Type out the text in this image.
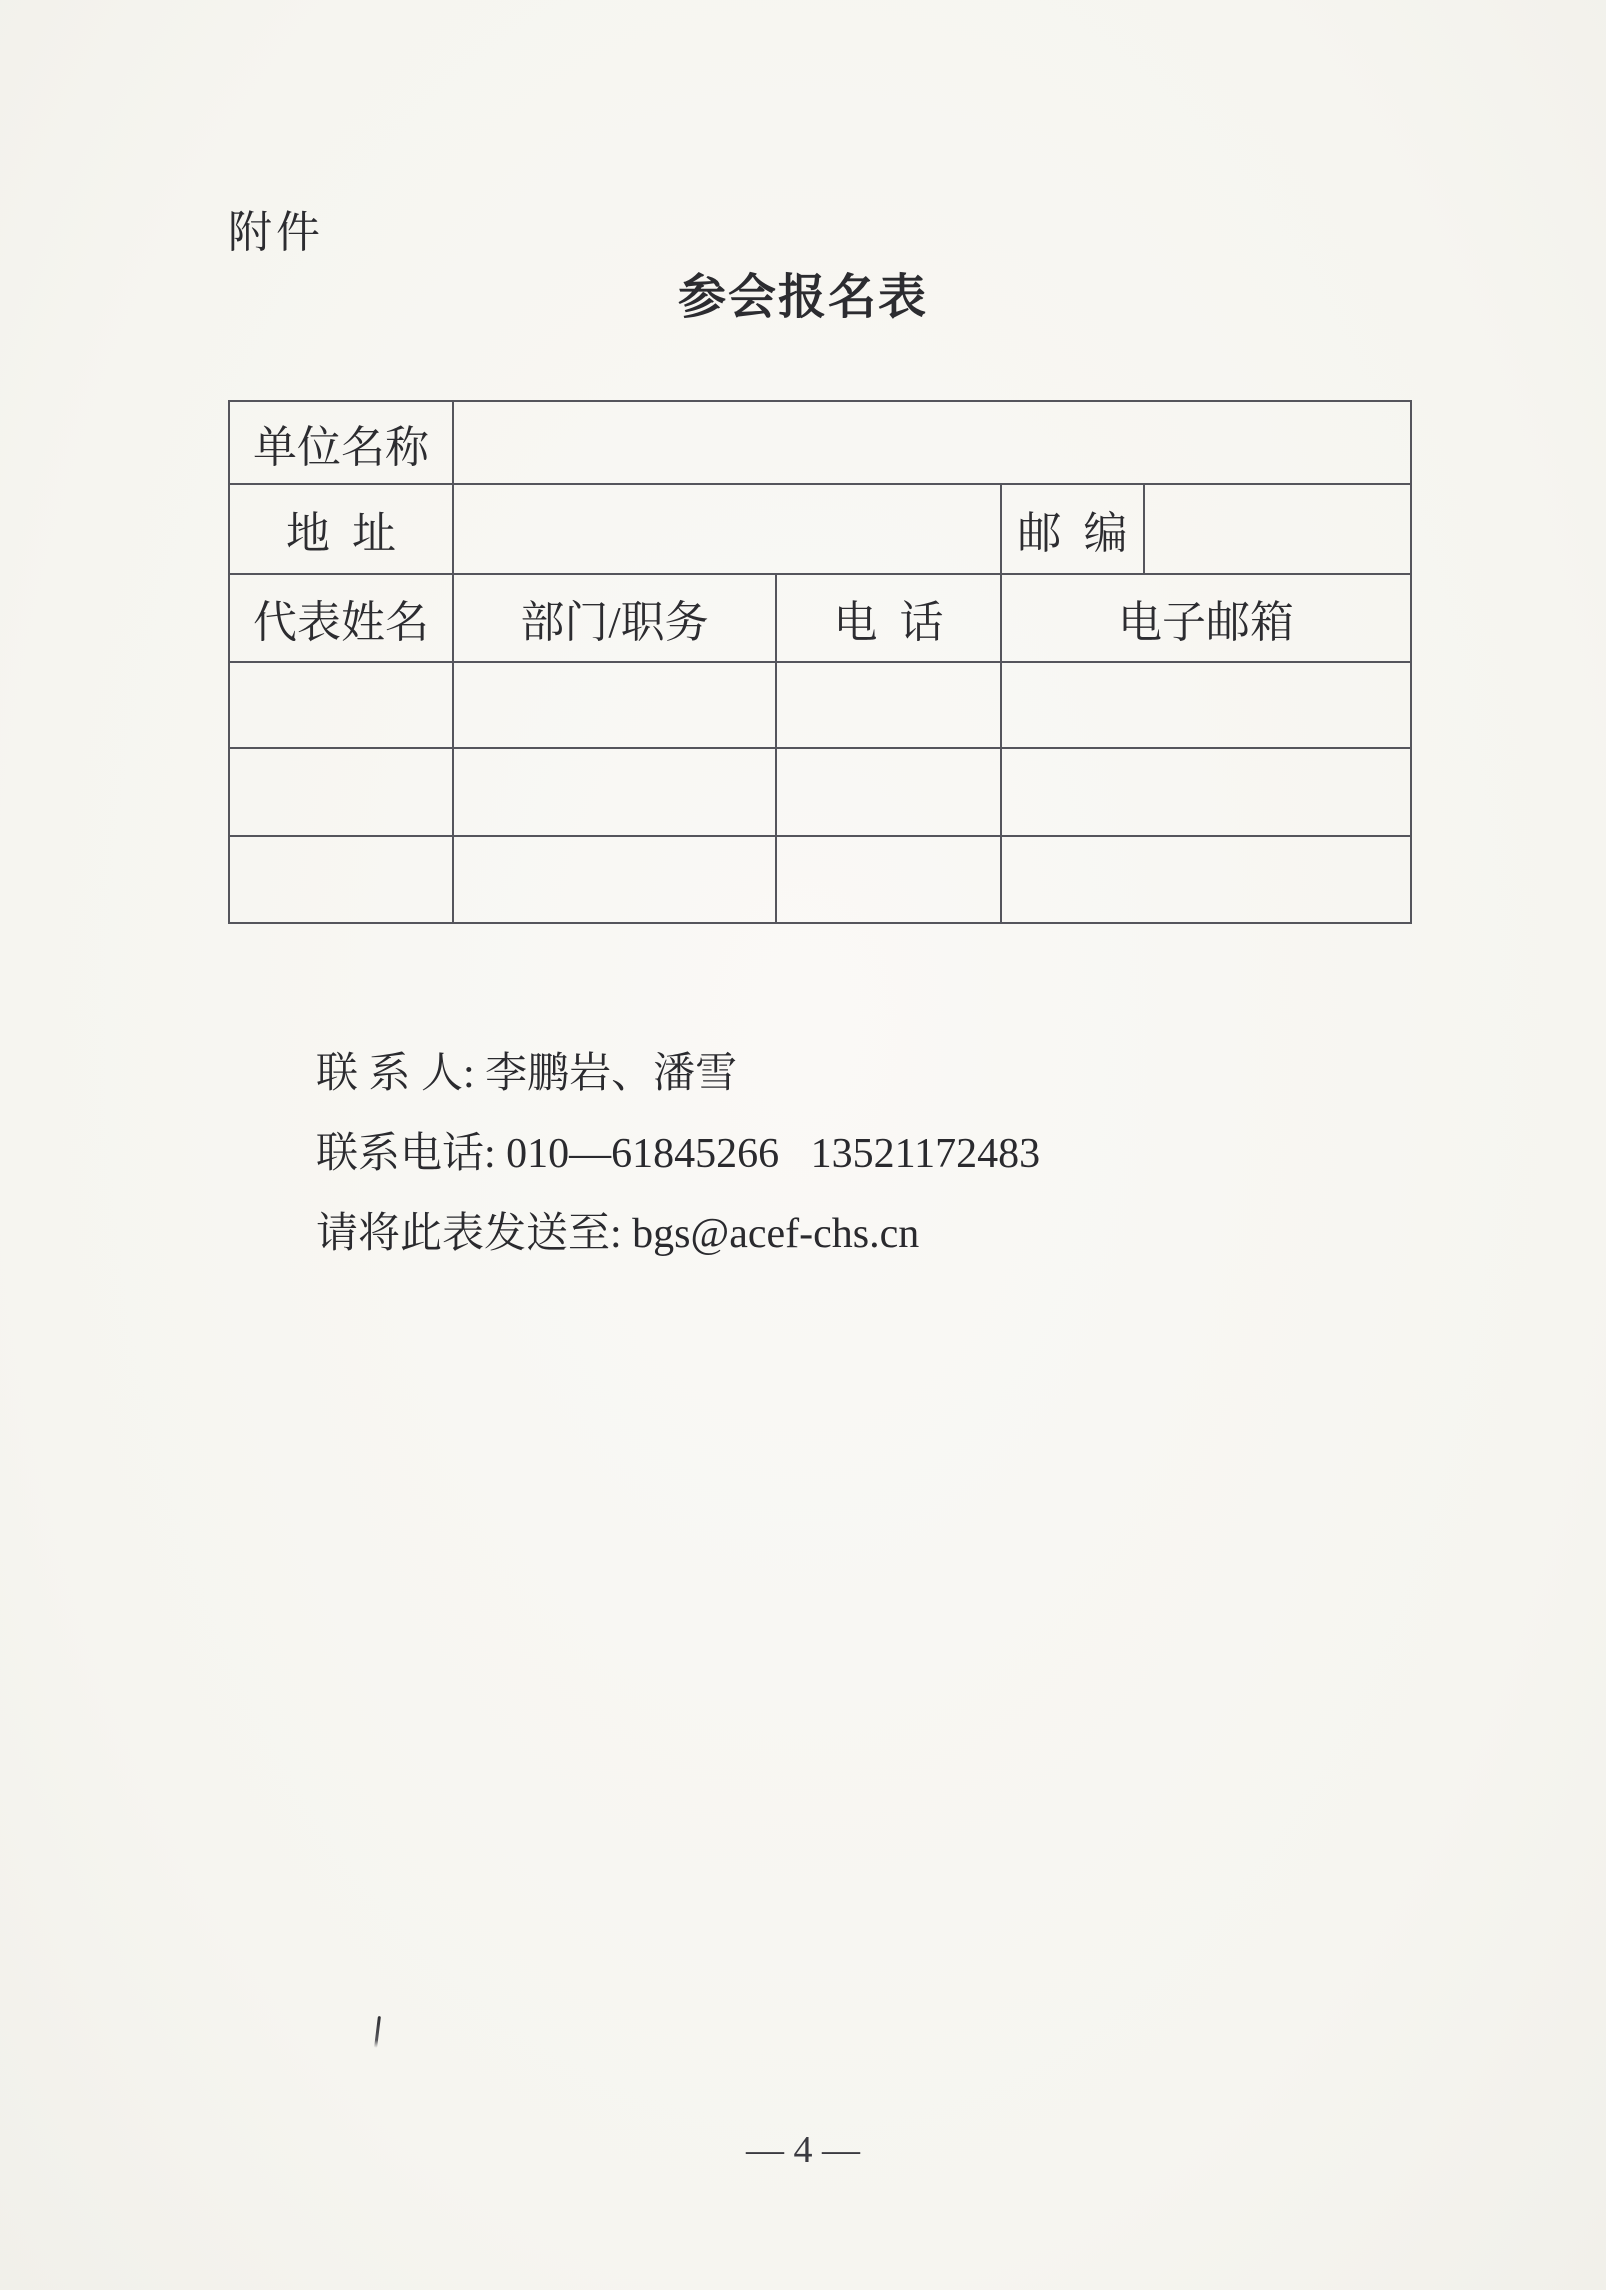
附件
参会报名表
单位名称				
地  址			邮  编	
代表姓名	部门/职务	电  话	电子邮箱	

联 系 人: 李鹏岩、潘雪
联系电话: 010—61845266   13521172483
请将此表发送至: bgs@acef-chs.cn
— 4 —
